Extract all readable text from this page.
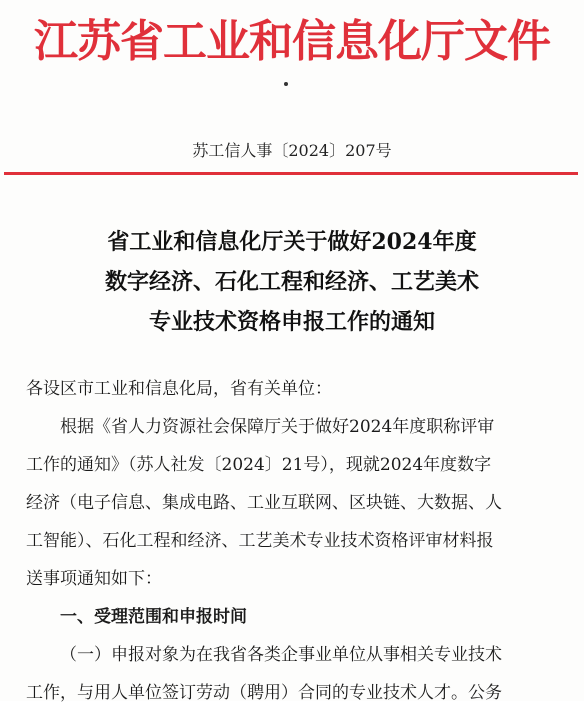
江苏省工业和信息化厅文件
苏工信人事〔2024〕207号
省工业和信息化厅关于做好2024年度
数字经济、石化工程和经济、工艺美术
专业技术资格申报工作的通知

各设区市工业和信息化局，省有关单位：

根据《省人力资源社会保障厅关于做好2024年度职称评审

工作的通知》（苏人社发〔2024〕21号），现就2024年度数字

经济（电子信息、集成电路、工业互联网、区块链、大数据、人

工智能）、石化工程和经济、工艺美术专业技术资格评审材料报

送事项通知如下：

一、受理范围和申报时间

（一）申报对象为在我省各类企事业单位从事相关专业技术

工作，与用人单位签订劳动（聘用）合同的专业技术人才。公务
